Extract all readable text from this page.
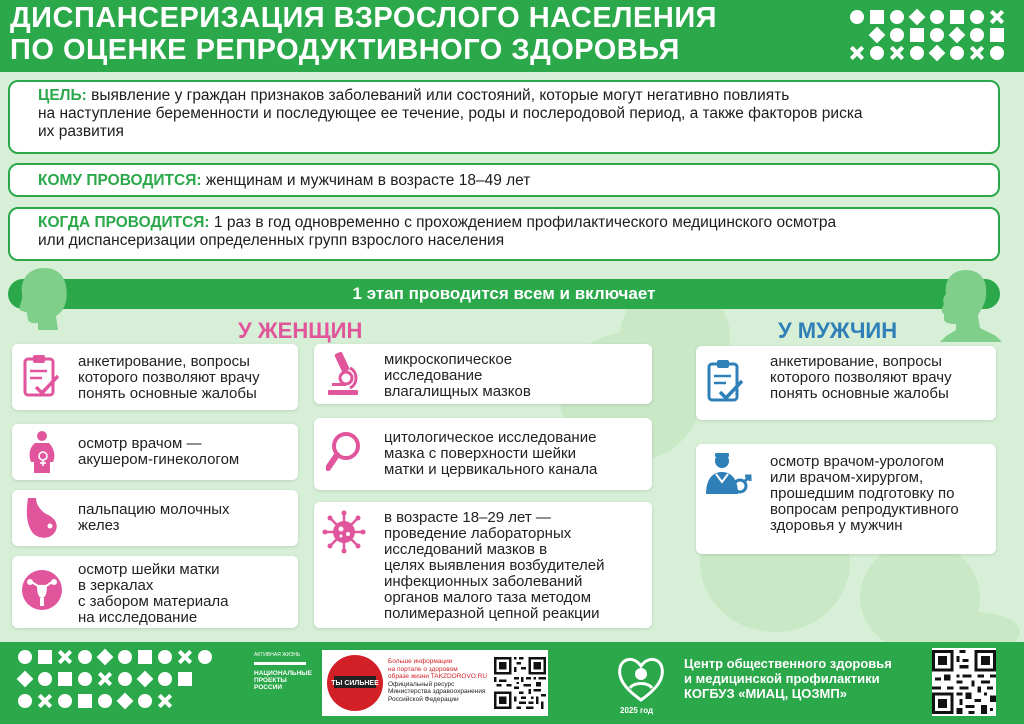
ДИСПАНСЕРИЗАЦИЯ ВЗРОСЛОГО НАСЕЛЕНИЯ
ПО ОЦЕНКЕ РЕПРОДУКТИВНОГО ЗДОРОВЬЯ
ЦЕЛЬ: выявление у граждан признаков заболеваний или состояний, которые могут негативно повлиять
на наступление беременности и последующее ее течение, роды и послеродовой период, а также факторов риска
их развития
КОМУ ПРОВОДИТСЯ: женщинам и мужчинам в возрасте 18–49 лет
КОГДА ПРОВОДИТСЯ: 1 раз в год одновременно с прохождением профилактического медицинского осмотра
или диспансеризации определенных групп взрослого населения
1 этап проводится всем и включает
У ЖЕНЩИН	У МУЖЧИН
анкетирование, вопросы
которого позволяют врачу
понять основные жалобы
осмотр врачом —
акушером-гинекологом
пальпацию молочных
желез
осмотр шейки матки
в зеркалах
с забором материала
на исследование
микроскопическое
исследование
влагалищных мазков
цитологическое исследование
мазка с поверхности шейки
матки и цервикального канала
в возрасте 18–29 лет —
проведение лабораторных
исследований мазков в
целях выявления возбудителей
инфекционных заболеваний
органов малого таза методом
полимеразной цепной реакции
анкетирование, вопросы
которого позволяют врачу
понять основные жалобы
осмотр врачом-урологом
или врачом-хирургом,
прошедшим подготовку по
вопросам репродуктивного
здоровья у мужчин
АКТИВНАЯ ЖИЗНЬ
НАЦИОНАЛЬНЫЕ ПРОЕКТЫ РОССИИ
ТЫ СИЛЬНЕЕ
Больше информации
на портале о здоровом
образе жизни TAKZDOROVO.RU
Официальный ресурс
Министерства здравоохранения
Российской Федерации
2025 год
Центр общественного здоровья
и медицинской профилактики
КОГБУЗ «МИАЦ, ЦОЗМП»
